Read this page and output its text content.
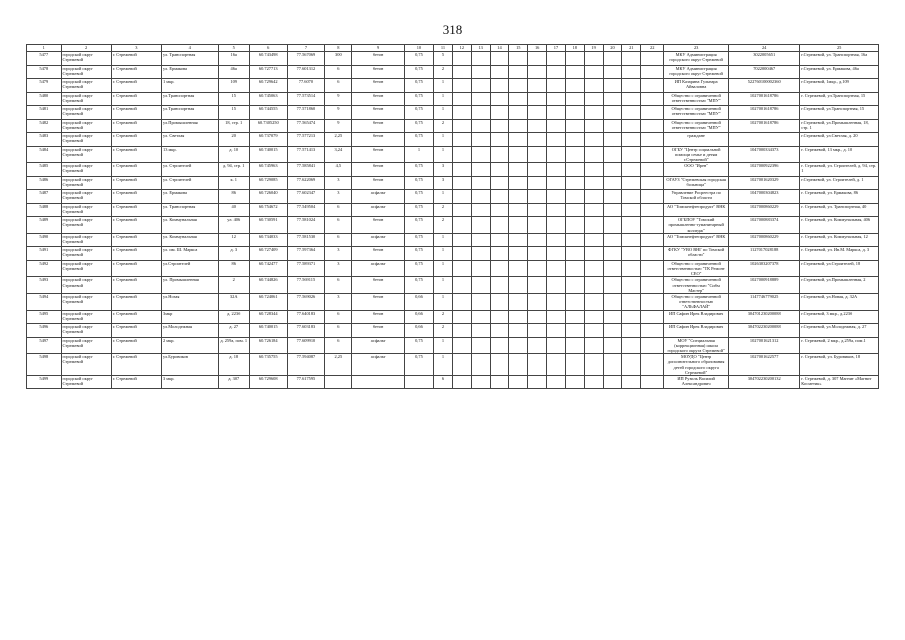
318
1	2	3	4	5	6	7	8	9	10	11	12	13	14	15	16	17	18	19	20	21	22	23	24	25
5477	городской округ Стрежевой	г. Стрежевой	ул. Транспортная	16а	60.743498	77.567069	300	бетон	0,75	5												МКУ Администрация городского округ Стрежевой	3022005651	г.Стрежевой, ул. Транспортная, 16а
5478	городской округ Стрежевой	г. Стрежевой	ул. Ермакова	46а	60.727713	77.601312	6	бетон	0,75	2												МКУ Администрация городского округ Стрежевой	7022000467	г.Стрежевой, ул. Ермакова, 46а
5479	городской округ Стрежевой	г. Стрежевой	1 мкр.	109	60.729642	77.6070	6	бетон	0,75	1												ИП Казарина Гульнара Айваловна	522760100002360	г.Стрежевой, 1мкр., д.109
5480	городской округ Стрежевой	г. Стрежевой	ул.Транспортная	15	60.745063	77.573514	9	бетон	0,75	1												Общество с ограниченной ответственностью "МПУ"	1027001618786	г. Стрежевой, ул.Транспортная, 15
5481	городской округ Стрежевой	г. Стрежевой	ул.Транспортная	15	60.744555	77.571860	9	бетон	0,75	1												Общество с ограниченной ответственностью "МПУ"	1027001618786	г.Стрежевой, ул.Транспортная, 15
5482	городской округ Стрежевой	г. Стрежевой	ул.Промышленная	18, стр. 1	60.7305250	77.565474	9	бетон	0,75	2												Общество с ограниченной ответственностью "МПУ"	1027001618786	г.Стрежевой, ул.Промышленная, 18, стр. 1
5483	городской округ Стрежевой	г. Стрежевой	ул. Светлая	20	60.737079	77.577213	2,25	бетон	0,75	1												граждане		г.Стрежевой, ул.Светлая, д. 20
5484	городской округ Стрежевой	г. Стрежевой	13 мкр.	д. 10	60.740015	77.571413	3,24	бетон	1	1												ОГБУ "Центр социальной помощи семье и детям г.Стрежевой"	1047000334373	г. Стрежевой, 13 мкр., д. 10
5485	городской округ Стрежевой	г. Стрежевой	ул. Строителей	д. 94, стр. 1	60.745963	77.585841	4,5	бетон	0,75	3												ООО "Ирен"	1027000922396	г. Стрежевой, ул. Строителей, д. 94, стр. 1
5486	городской округ Стрежевой	г. Стрежевой	ул. Строителей	к. 1	60.729085	77.622069	3	бетон	0,75	3												ОГАУЗ "Стрежевская городская больница"	1027001620329	г.Стрежевой, ул. Строителей, д. 1
5487	городской округ Стрежевой	г. Стрежевой	ул. Ермакова	86	60.726040	77.602347	3	асфальт	0,75	1												Управление Росреестра по Томской области	1047000304823	г. Стрежевой, ул. Ермакова, 86
5488	городской округ Стрежевой	г. Стрежевой	ул. Транспортная	40	60.754672	77.549504	6	асфальт	0,75	2												АО "Томскнефтепродукт" ВНК	1027000860229	г. Стрежевой, ул. Транспортная, 40
5489	городской округ Стрежевой	г. Стрежевой	ул. Коммунальная	ул. 406	60.730591	77.581024	6	бетон	0,75	2												ОГБПОУ "Томский промышленно-гуманитарный колледж"	1027000883374	г. Стрежевой, ул. Коммунальная, 406
5490	городской округ Стрежевой	г. Стрежевой	ул. Коммунальная	12	60.734033	77.581530	6	асфальт	0,75	1												АО "Томскнефтепродукт" ВНК	1027000860229	г. Стрежевой, ул. Коммунальная, 12
5491	городской округ Стрежевой	г. Стрежевой	ул. им. Ш. Маркса	д. 3	60.727409	77.597364	3	бетон	0,75	1												ФГКУ "УВО ВНГ по Томской области"	1127017028188	г. Стрежевой, ул. Ив.М. Маркса, д. 3
5492	городской округ Стрежевой	г. Стрежевой	ул.Строителей	86	60.742477	77.589371	3	асфальт	0,75	1												Общество с ограниченной ответственностью "ТК Ремонт СЕО"	1026303207378	г.Стрежевой, ул.Строителей, 18
5493	городской округ Стрежевой	г. Стрежевой	ул. Промышленная	2	60.744826	77.569115	6	бетон	0,75	1												Общество с ограниченной ответственностью "Сибм Мастер"	1027000918889	г.Стрежевой, ул.Промышленная, 2
5494	городской округ Стрежевой	г. Стрежевой	ул.Нозая	32А	60.724061	77.569026	3	бетон	0,66	1												Общество с ограниченной ответственностью "АЛЬФАЛАЙ"	1147746779025	г.Стрежевой, ул.Новая, д. 32А
5495	городской округ Стрежевой	г. Стрежевой	3мкр	д. 223б	60.728344	77.640183	6	бетон	0,66	2												ИП Сафин Ирек Владирович	304701230200088	г.Стрежевой, 3 мкр., д.223б
5496	городской округ Стрежевой	г. Стрежевой	ул.Молодежная	д. 27	60.740015	77.603183	6	бетон	0,66	2												ИП Сафин Ирек Владирович	304702230200088	г.Стрежевой, ул.Молодежная, д. 27
5497	городской округ Стрежевой	г. Стрежевой	2 мкр.	д. 259а, пом. 1	60.726184	77.609910	6	асфальт	0,75	1												МОУ "Специальная (коррекционная) школа городского округа Стрежевой"	1027001621312	г. Стрежевой, 2 мкр., д.259а, пом.1
5498	городской округ Стрежевой	г. Стрежевой	ул.Буровиков	д. 18	60.735755	77.594087	2,25	асфальт	0,75	1												МОУДО "Центр дополнительного образования детей городского округа Стрежевой"	1027001622577	г. Стрежевой, ул. Буровиков, 18
5499	городской округ Стрежевой	г. Стрежевой	3 мкр.	д. 307	60.729608	77.617595				6												ИП Рузиль Василий Александрович	304702230200132	г. Стрежевой, д. 307 Магнит «Магнит Косметик»
